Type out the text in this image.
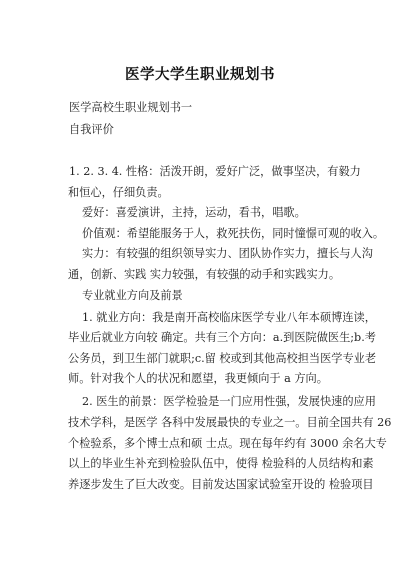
医学大学生职业规划书
医学高校生职业规划书一
自我评价
1. 2. 3. 4. 性格：活泼开朗，爱好广泛，做事坚决，有毅力
和恒心，仔细负责。
爱好：喜爱演讲，主持，运动，看书，唱歌。
价值观：希望能服务于人，救死扶伤，同时憧憬可观的收入。
实力：有较强的组织领导实力、团队协作实力，擅长与人沟
通，创新、实践 实力较强，有较强的动手和实践实力。
专业就业方向及前景
1. 就业方向：我是南开高校临床医学专业八年本硕博连读，
毕业后就业方向较 确定。共有三个方向：a.到医院做医生;b.考
公务员，到卫生部门就职;c.留 校或到其他高校担当医学专业老
师。针对我个人的状况和愿望，我更倾向于 a 方向。
2. 医生的前景：医学检验是一门应用性强，发展快速的应用
技术学科，是医学 各科中发展最快的专业之一。目前全国共有 26
个检验系，多个博士点和硕 士点。现在每年约有 3000 余名大专
以上的毕业生补充到检验队伍中，使得 检验科的人员结构和素
养逐步发生了巨大改变。目前发达国家试验室开设的 检验项目
